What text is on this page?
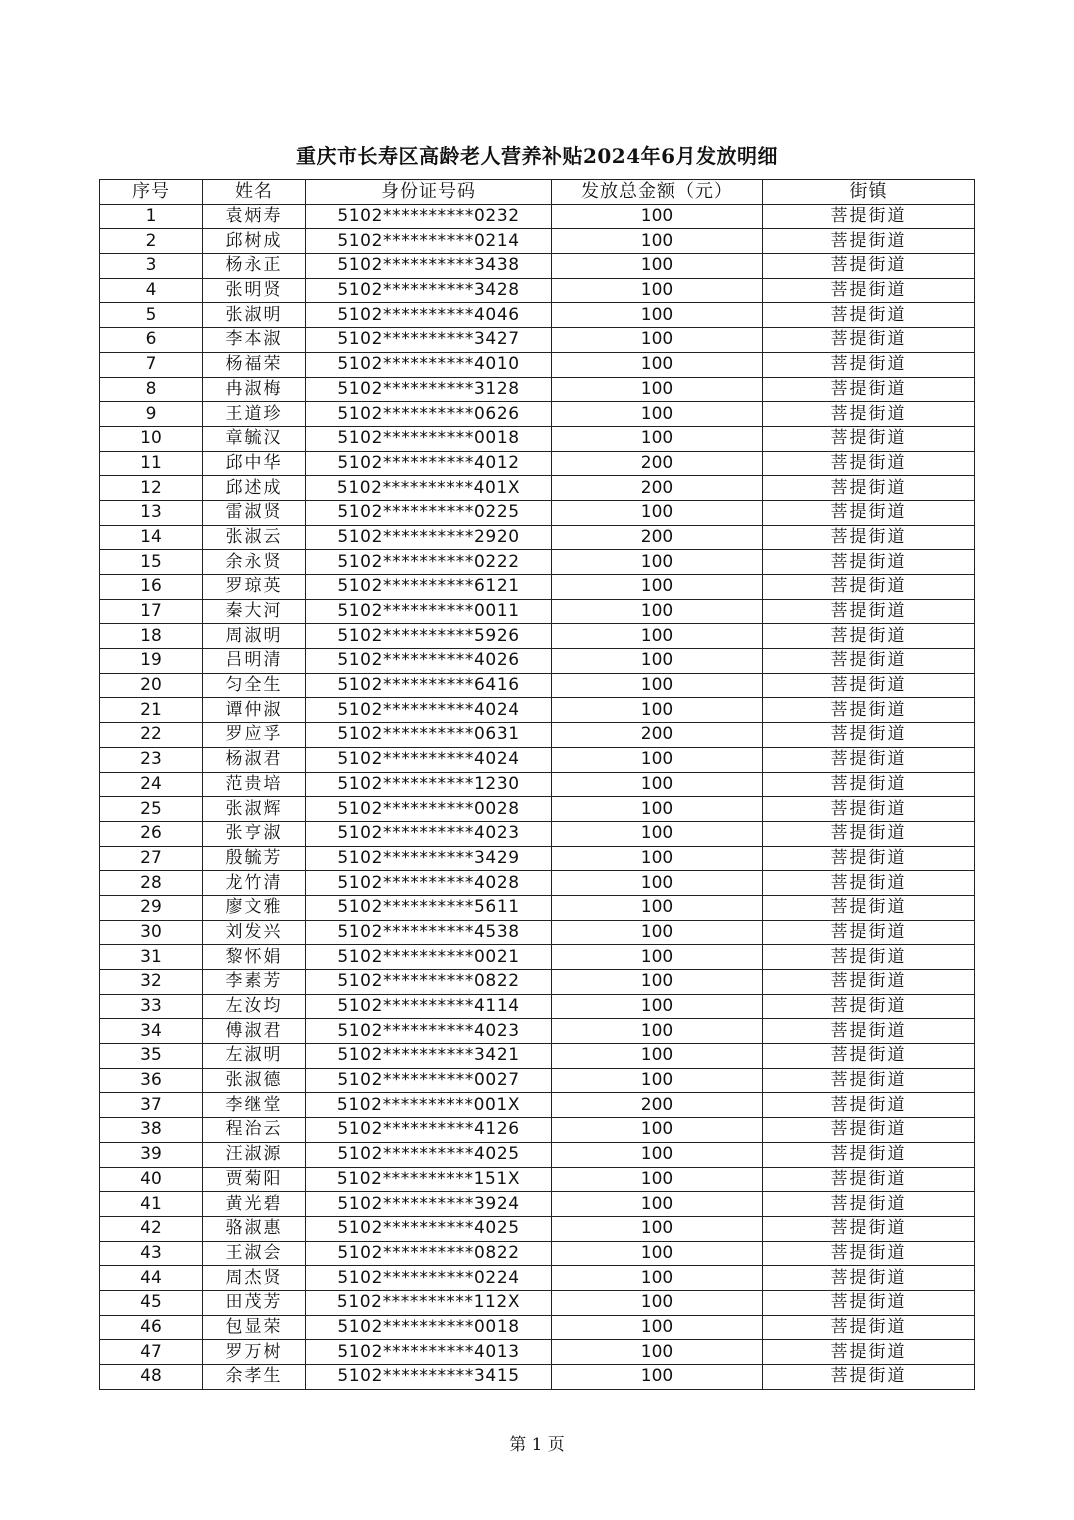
重庆市长寿区高龄老人营养补贴2024年6月发放明细
序号	姓名	身份证号码	发放总金额（元）	街镇
1	袁炳寿	5102**********0232	100	菩提街道
2	邱树成	5102**********0214	100	菩提街道
3	杨永正	5102**********3438	100	菩提街道
4	张明贤	5102**********3428	100	菩提街道
5	张淑明	5102**********4046	100	菩提街道
6	李本淑	5102**********3427	100	菩提街道
7	杨福荣	5102**********4010	100	菩提街道
8	冉淑梅	5102**********3128	100	菩提街道
9	王道珍	5102**********0626	100	菩提街道
10	章毓汉	5102**********0018	100	菩提街道
11	邱中华	5102**********4012	200	菩提街道
12	邱述成	5102**********401X	200	菩提街道
13	雷淑贤	5102**********0225	100	菩提街道
14	张淑云	5102**********2920	200	菩提街道
15	余永贤	5102**********0222	100	菩提街道
16	罗琼英	5102**********6121	100	菩提街道
17	秦大河	5102**********0011	100	菩提街道
18	周淑明	5102**********5926	100	菩提街道
19	吕明清	5102**********4026	100	菩提街道
20	匀全生	5102**********6416	100	菩提街道
21	谭仲淑	5102**********4024	100	菩提街道
22	罗应孚	5102**********0631	200	菩提街道
23	杨淑君	5102**********4024	100	菩提街道
24	范贵培	5102**********1230	100	菩提街道
25	张淑辉	5102**********0028	100	菩提街道
26	张亨淑	5102**********4023	100	菩提街道
27	殷毓芳	5102**********3429	100	菩提街道
28	龙竹清	5102**********4028	100	菩提街道
29	廖文雅	5102**********5611	100	菩提街道
30	刘发兴	5102**********4538	100	菩提街道
31	黎怀娟	5102**********0021	100	菩提街道
32	李素芳	5102**********0822	100	菩提街道
33	左汝均	5102**********4114	100	菩提街道
34	傅淑君	5102**********4023	100	菩提街道
35	左淑明	5102**********3421	100	菩提街道
36	张淑德	5102**********0027	100	菩提街道
37	李继堂	5102**********001X	200	菩提街道
38	程治云	5102**********4126	100	菩提街道
39	汪淑源	5102**********4025	100	菩提街道
40	贾菊阳	5102**********151X	100	菩提街道
41	黄光碧	5102**********3924	100	菩提街道
42	骆淑惠	5102**********4025	100	菩提街道
43	王淑会	5102**********0822	100	菩提街道
44	周杰贤	5102**********0224	100	菩提街道
45	田茂芳	5102**********112X	100	菩提街道
46	包显荣	5102**********0018	100	菩提街道
47	罗万树	5102**********4013	100	菩提街道
48	余孝生	5102**********3415	100	菩提街道
第 1 页
